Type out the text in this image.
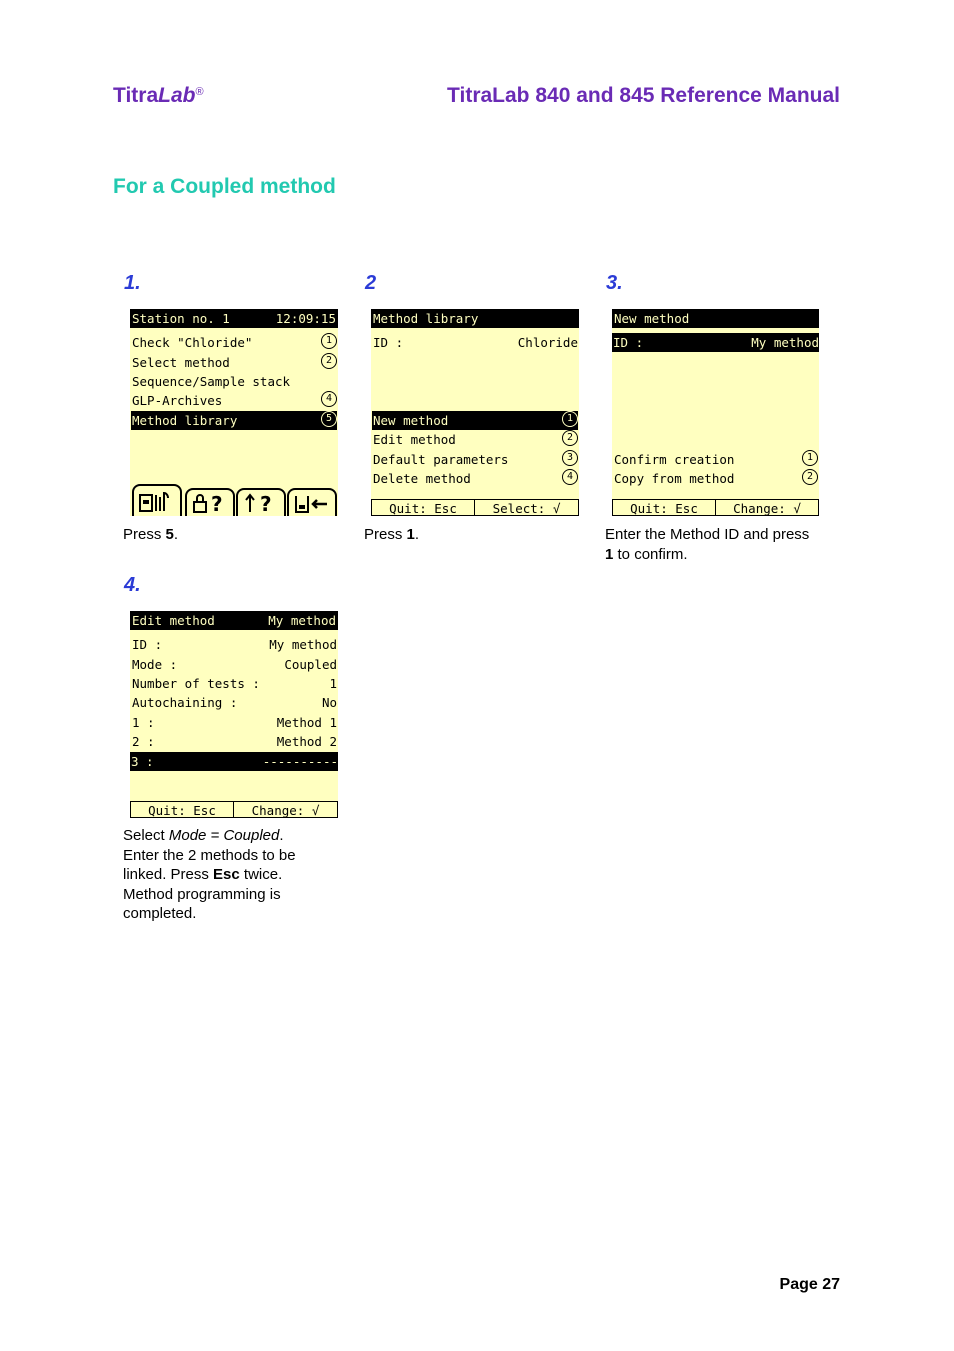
TitraLab®	TitraLab 840 and 845 Reference Manual
For a Coupled method
1.
Station no. 1	12:09:15
Check "Chloride"	1
Select method	2
Sequence/Sample stack
GLP-Archives	4
Method library	5
? ?
Press 5.
2
Method library
ID :	Chloride
New method	1
Edit method	2
Default parameters	3
Delete method	4
Quit: Esc	Select: √
Press 1.
3.
New method
ID :	My method
Confirm creation	1
Copy from method	2
Quit: Esc	Change: √
Enter the Method ID and press
1 to confirm.
4.
Edit method	My method
ID :	My method
Mode :	Coupled
Number of tests :	1
Autochaining :	No
1 :	Method 1
2 :	Method 2
3 :	----------
Quit: Esc	Change: √
Select Mode = Coupled.
Enter the 2 methods to be
linked. Press Esc twice.
Method programming is
completed.
Page 27
